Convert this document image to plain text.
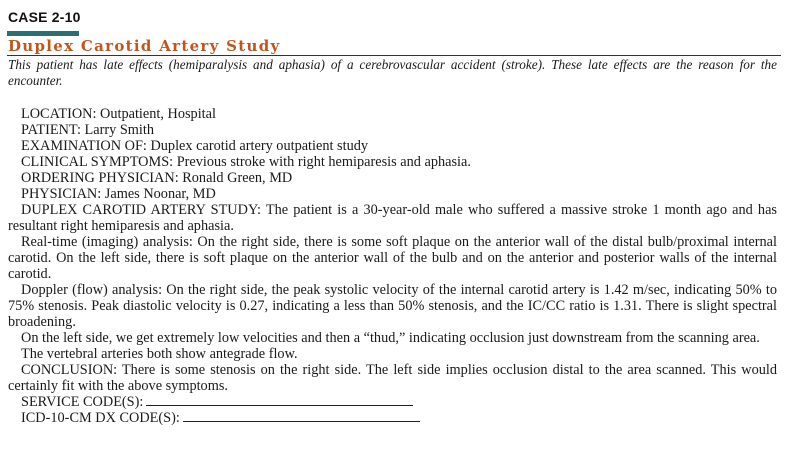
CASE 2-10
Duplex Carotid Artery Study
This patient has late effects (hemiparalysis and aphasia) of a cerebrovascular accident (stroke). These late effects are the reason for the encounter.

LOCATION: Outpatient, Hospital

PATIENT: Larry Smith

EXAMINATION OF: Duplex carotid artery outpatient study

CLINICAL SYMPTOMS: Previous stroke with right hemiparesis and aphasia.

ORDERING PHYSICIAN: Ronald Green, MD

PHYSICIAN: James Noonar, MD

DUPLEX CAROTID ARTERY STUDY: The patient is a 30-year-old male who suffered a massive stroke 1 month ago and has resultant right hemiparesis and aphasia.

Real-time (imaging) analysis: On the right side, there is some soft plaque on the anterior wall of the distal bulb/proximal internal carotid. On the left side, there is soft plaque on the anterior wall of the bulb and on the anterior and posterior walls of the internal carotid.

Doppler (flow) analysis: On the right side, the peak systolic velocity of the internal carotid artery is 1.42 m/sec, indicating 50% to 75% stenosis. Peak diastolic velocity is 0.27, indicating a less than 50% stenosis, and the IC/CC ratio is 1.31. There is slight spectral broadening.

On the left side, we get extremely low velocities and then a “thud,” indicating occlusion just downstream from the scanning area.

The vertebral arteries both show antegrade flow.

CONCLUSION: There is some stenosis on the right side. The left side implies occlusion distal to the area scanned. This would certainly fit with the above symptoms.

SERVICE CODE(S):

ICD-10-CM DX CODE(S):
